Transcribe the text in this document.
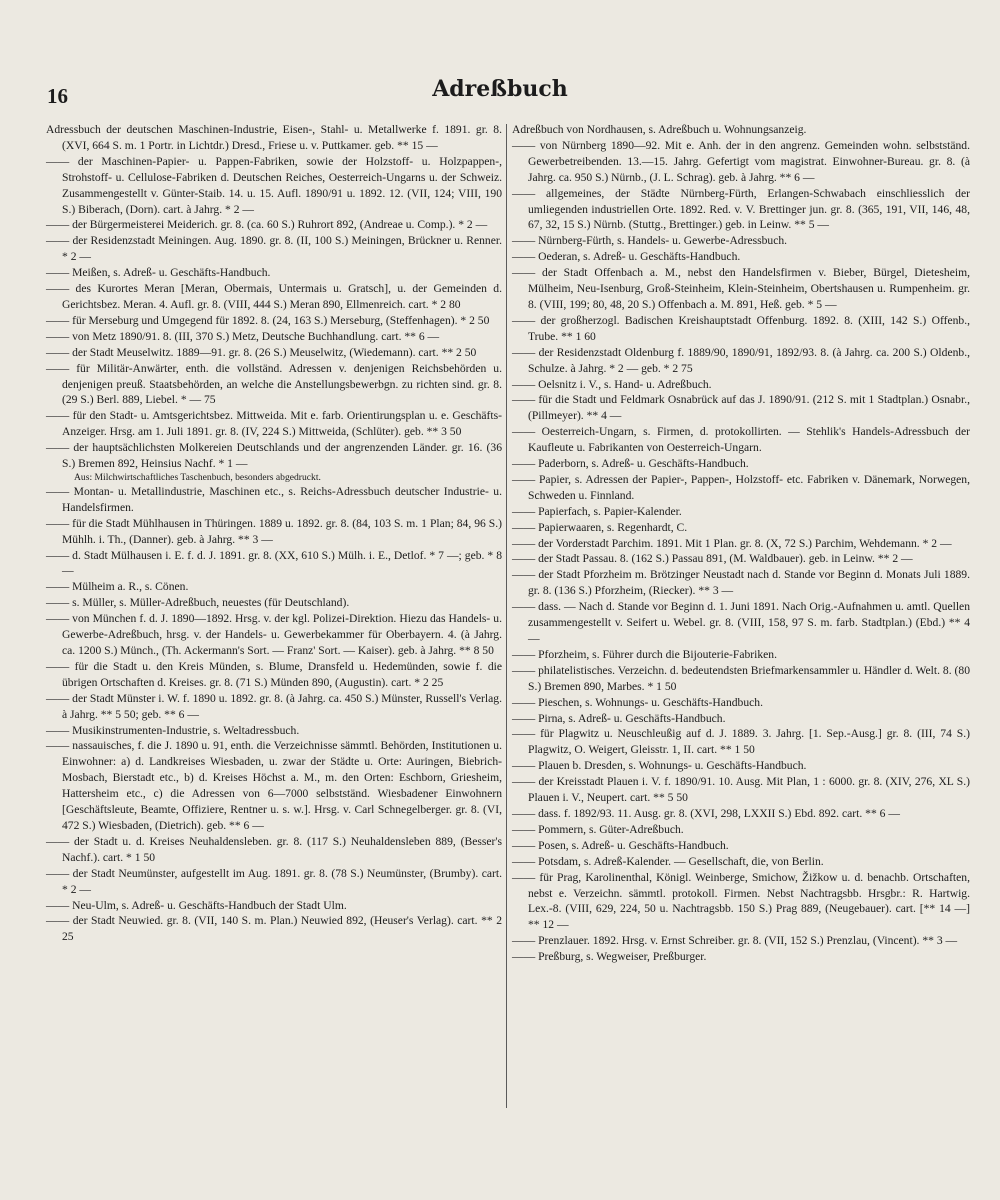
16	Adreßbuch

Adressbuch der deutschen Maschinen-Industrie, Eisen-, Stahl- u. Metallwerke f. 1891. gr. 8. (XVI, 664 S. m. 1 Portr. in Lichtdr.) Dresd., Friese u. v. Puttkamer. geb. ** 15 —

—— der Maschinen-Papier- u. Pappen-Fabriken, sowie der Holzstoff- u. Holzpappen-, Strohstoff- u. Cellulose-Fabriken d. Deutschen Reiches, Oesterreich-Ungarns u. der Schweiz. Zusammengestellt v. Günter-Staib. 14. u. 15. Aufl. 1890/91 u. 1892. 12. (VII, 124; VIII, 190 S.) Biberach, (Dorn). cart. à Jahrg. * 2 —

—— der Bürgermeisterei Meiderich. gr. 8. (ca. 60 S.) Ruhrort 892, (Andreae u. Comp.). * 2 —

—— der Residenzstadt Meiningen. Aug. 1890. gr. 8. (II, 100 S.) Meiningen, Brückner u. Renner. * 2 —

—— Meißen, s. Adreß- u. Geschäfts-Handbuch.

—— des Kurortes Meran [Meran, Obermais, Untermais u. Gratsch], u. der Gemeinden d. Gerichtsbez. Meran. 4. Aufl. gr. 8. (VIII, 444 S.) Meran 890, Ellmenreich. cart. * 2 80

—— für Merseburg und Umgegend für 1892. 8. (24, 163 S.) Merseburg, (Steffenhagen). * 2 50

—— von Metz 1890/91. 8. (III, 370 S.) Metz, Deutsche Buchhandlung. cart. ** 6 —

—— der Stadt Meuselwitz. 1889—91. gr. 8. (26 S.) Meuselwitz, (Wiedemann). cart. ** 2 50

—— für Militär-Anwärter, enth. die vollständ. Adressen v. denjenigen Reichsbehörden u. denjenigen preuß. Staatsbehörden, an welche die Anstellungsbewerbgn. zu richten sind. gr. 8. (29 S.) Berl. 889, Liebel. * — 75

—— für den Stadt- u. Amtsgerichtsbez. Mittweida. Mit e. farb. Orientirungsplan u. e. Geschäfts-Anzeiger. Hrsg. am 1. Juli 1891. gr. 8. (IV, 224 S.) Mittweida, (Schlüter). geb. ** 3 50

—— der hauptsächlichsten Molkereien Deutschlands und der angrenzenden Länder. gr. 16. (36 S.) Bremen 892, Heinsius Nachf. * 1 —

Aus: Milchwirtschaftliches Taschenbuch, besonders abgedruckt.

—— Montan- u. Metallindustrie, Maschinen etc., s. Reichs-Adressbuch deutscher Industrie- u. Handelsfirmen.

—— für die Stadt Mühlhausen in Thüringen. 1889 u. 1892. gr. 8. (84, 103 S. m. 1 Plan; 84, 96 S.) Mühlh. i. Th., (Danner). geb. à Jahrg. ** 3 —

—— d. Stadt Mülhausen i. E. f. d. J. 1891. gr. 8. (XX, 610 S.) Mülh. i. E., Detlof. * 7 —; geb. * 8 —

—— Mülheim a. R., s. Cönen.

—— s. Müller, s. Müller-Adreßbuch, neuestes (für Deutschland).

—— von München f. d. J. 1890—1892. Hrsg. v. der kgl. Polizei-Direktion. Hiezu das Handels- u. Gewerbe-Adreßbuch, hrsg. v. der Handels- u. Gewerbekammer für Oberbayern. 4. (à Jahrg. ca. 1200 S.) Münch., (Th. Ackermann's Sort. — Franz' Sort. — Kaiser). geb. à Jahrg. ** 8 50

—— für die Stadt u. den Kreis Münden, s. Blume, Dransfeld u. Hedemünden, sowie f. die übrigen Ortschaften d. Kreises. gr. 8. (71 S.) Münden 890, (Augustin). cart. * 2 25

—— der Stadt Münster i. W. f. 1890 u. 1892. gr. 8. (à Jahrg. ca. 450 S.) Münster, Russell's Verlag. à Jahrg. ** 5 50; geb. ** 6 —

—— Musikinstrumenten-Industrie, s. Weltadressbuch.

—— nassauisches, f. die J. 1890 u. 91, enth. die Verzeichnisse sämmtl. Behörden, Institutionen u. Einwohner: a) d. Landkreises Wiesbaden, u. zwar der Städte u. Orte: Auringen, Biebrich-Mosbach, Bierstadt etc., b) d. Kreises Höchst a. M., m. den Orten: Eschborn, Griesheim, Hattersheim etc., c) die Adressen von 6—7000 selbstständ. Wiesbadener Einwohnern [Geschäftsleute, Beamte, Offiziere, Rentner u. s. w.]. Hrsg. v. Carl Schnegelberger. gr. 8. (VI, 472 S.) Wiesbaden, (Dietrich). geb. ** 6 —

—— der Stadt u. d. Kreises Neuhaldensleben. gr. 8. (117 S.) Neuhaldensleben 889, (Besser's Nachf.). cart. * 1 50

—— der Stadt Neumünster, aufgestellt im Aug. 1891. gr. 8. (78 S.) Neumünster, (Brumby). cart. * 2 —

—— Neu-Ulm, s. Adreß- u. Geschäfts-Handbuch der Stadt Ulm.

—— der Stadt Neuwied. gr. 8. (VII, 140 S. m. Plan.) Neuwied 892, (Heuser's Verlag). cart. ** 2 25

Adreßbuch von Nordhausen, s. Adreßbuch u. Wohnungsanzeig.

—— von Nürnberg 1890—92. Mit e. Anh. der in den angrenz. Gemeinden wohn. selbstständ. Gewerbetreibenden. 13.—15. Jahrg. Gefertigt vom magistrat. Einwohner-Bureau. gr. 8. (à Jahrg. ca. 950 S.) Nürnb., (J. L. Schrag). geb. à Jahrg. ** 6 —

—— allgemeines, der Städte Nürnberg-Fürth, Erlangen-Schwabach einschliesslich der umliegenden industriellen Orte. 1892. Red. v. V. Brettinger jun. gr. 8. (365, 191, VII, 146, 48, 67, 32, 15 S.) Nürnb. (Stuttg., Brettinger.) geb. in Leinw. ** 5 —

—— Nürnberg-Fürth, s. Handels- u. Gewerbe-Adressbuch.

—— Oederan, s. Adreß- u. Geschäfts-Handbuch.

—— der Stadt Offenbach a. M., nebst den Handelsfirmen v. Bieber, Bürgel, Dietesheim, Mülheim, Neu-Isenburg, Groß-Steinheim, Klein-Steinheim, Obertshausen u. Rumpenheim. gr. 8. (VIII, 199; 80, 48, 20 S.) Offenbach a. M. 891, Heß. geb. * 5 —

—— der großherzogl. Badischen Kreishauptstadt Offenburg. 1892. 8. (XIII, 142 S.) Offenb., Trube. ** 1 60

—— der Residenzstadt Oldenburg f. 1889/90, 1890/91, 1892/93. 8. (à Jahrg. ca. 200 S.) Oldenb., Schulze. à Jahrg. * 2 — geb. * 2 75

—— Oelsnitz i. V., s. Hand- u. Adreßbuch.

—— für die Stadt und Feldmark Osnabrück auf das J. 1890/91. (212 S. mit 1 Stadtplan.) Osnabr., (Pillmeyer). ** 4 —

—— Oesterreich-Ungarn, s. Firmen, d. protokollirten. — Stehlik's Handels-Adressbuch der Kaufleute u. Fabrikanten von Oesterreich-Ungarn.

—— Paderborn, s. Adreß- u. Geschäfts-Handbuch.

—— Papier, s. Adressen der Papier-, Pappen-, Holzstoff- etc. Fabriken v. Dänemark, Norwegen, Schweden u. Finnland.

—— Papierfach, s. Papier-Kalender.

—— Papierwaaren, s. Regenhardt, C.

—— der Vorderstadt Parchim. 1891. Mit 1 Plan. gr. 8. (X, 72 S.) Parchim, Wehdemann. * 2 —

—— der Stadt Passau. 8. (162 S.) Passau 891, (M. Waldbauer). geb. in Leinw. ** 2 —

—— der Stadt Pforzheim m. Brötzinger Neustadt nach d. Stande vor Beginn d. Monats Juli 1889. gr. 8. (136 S.) Pforzheim, (Riecker). ** 3 —

—— dass. — Nach d. Stande vor Beginn d. 1. Juni 1891. Nach Orig.-Aufnahmen u. amtl. Quellen zusammengestellt v. Seifert u. Webel. gr. 8. (VIII, 158, 97 S. m. farb. Stadtplan.) (Ebd.) ** 4 —

—— Pforzheim, s. Führer durch die Bijouterie-Fabriken.

—— philatelistisches. Verzeichn. d. bedeutendsten Briefmarkensammler u. Händler d. Welt. 8. (80 S.) Bremen 890, Marbes. * 1 50

—— Pieschen, s. Wohnungs- u. Geschäfts-Handbuch.

—— Pirna, s. Adreß- u. Geschäfts-Handbuch.

—— für Plagwitz u. Neuschleußig auf d. J. 1889. 3. Jahrg. [1. Sep.-Ausg.] gr. 8. (III, 74 S.) Plagwitz, O. Weigert, Gleisstr. 1, II. cart. ** 1 50

—— Plauen b. Dresden, s. Wohnungs- u. Geschäfts-Handbuch.

—— der Kreisstadt Plauen i. V. f. 1890/91. 10. Ausg. Mit Plan, 1 : 6000. gr. 8. (XIV, 276, XL S.) Plauen i. V., Neupert. cart. ** 5 50

—— dass. f. 1892/93. 11. Ausg. gr. 8. (XVI, 298, LXXII S.) Ebd. 892. cart. ** 6 —

—— Pommern, s. Güter-Adreßbuch.

—— Posen, s. Adreß- u. Geschäfts-Handbuch.

—— Potsdam, s. Adreß-Kalender. — Gesellschaft, die, von Berlin.

—— für Prag, Karolinenthal, Königl. Weinberge, Smichow, Žižkow u. d. benachb. Ortschaften, nebst e. Verzeichn. sämmtl. protokoll. Firmen. Nebst Nachtragsbb. Hrsgbr.: R. Hartwig. Lex.-8. (VIII, 629, 224, 50 u. Nachtragsbb. 150 S.) Prag 889, (Neugebauer). cart. [** 14 —] ** 12 —

—— Prenzlauer. 1892. Hrsg. v. Ernst Schreiber. gr. 8. (VII, 152 S.) Prenzlau, (Vincent). ** 3 —

—— Preßburg, s. Wegweiser, Preßburger.
